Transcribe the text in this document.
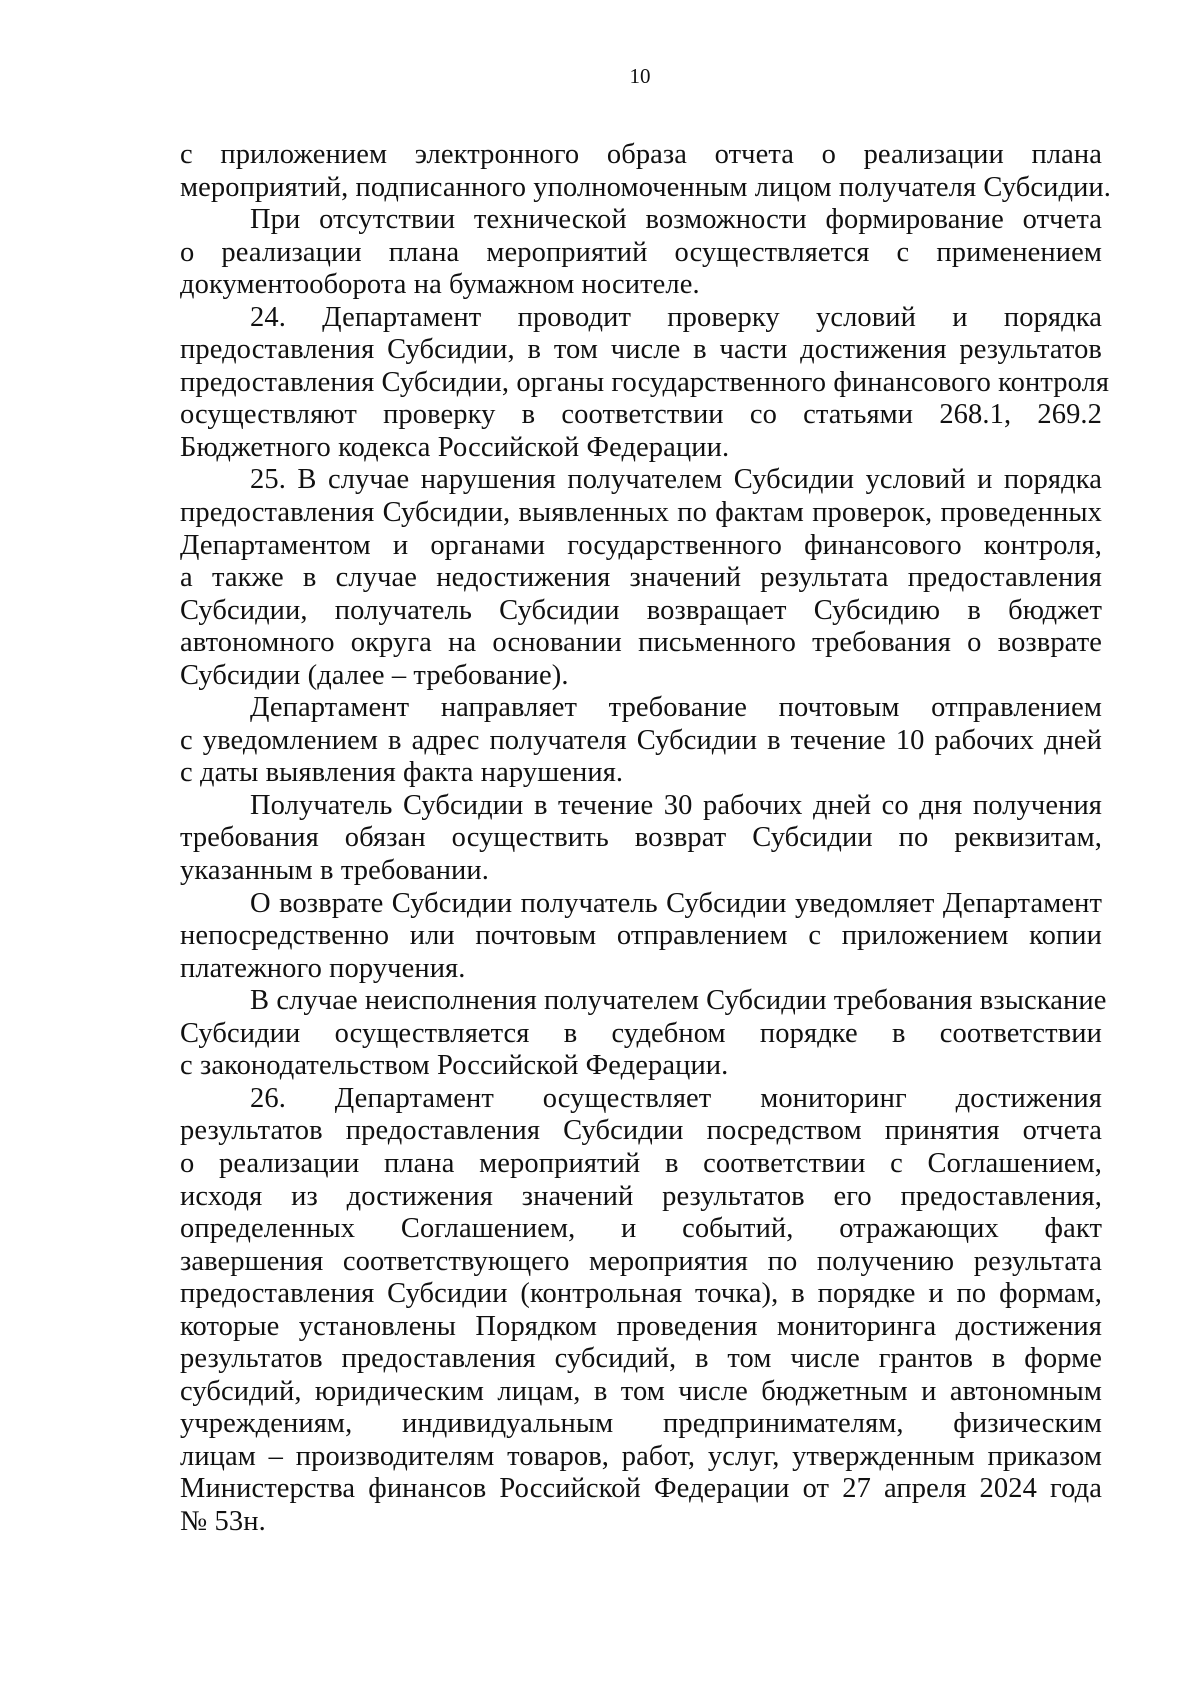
10
с приложением электронного образа отчета о реализации плана
мероприятий, подписанного уполномоченным лицом получателя Субсидии.
При отсутствии технической возможности формирование отчета
о реализации плана мероприятий осуществляется с применением
документооборота на бумажном носителе.
24. Департамент проводит проверку условий и порядка
предоставления Субсидии, в том числе в части достижения результатов
предоставления Субсидии, органы государственного финансового контроля
осуществляют проверку в соответствии со статьями 268.1, 269.2
Бюджетного кодекса Российской Федерации.
25. В случае нарушения получателем Субсидии условий и порядка
предоставления Субсидии, выявленных по фактам проверок, проведенных
Департаментом и органами государственного финансового контроля,
а также в случае недостижения значений результата предоставления
Субсидии, получатель Субсидии возвращает Субсидию в бюджет
автономного округа на основании письменного требования о возврате
Субсидии (далее – требование).
Департамент направляет требование почтовым отправлением
с уведомлением в адрес получателя Субсидии в течение 10 рабочих дней
с даты выявления факта нарушения.
Получатель Субсидии в течение 30 рабочих дней со дня получения
требования обязан осуществить возврат Субсидии по реквизитам,
указанным в требовании.
О возврате Субсидии получатель Субсидии уведомляет Департамент
непосредственно или почтовым отправлением с приложением копии
платежного поручения.
В случае неисполнения получателем Субсидии требования взыскание
Субсидии осуществляется в судебном порядке в соответствии
с законодательством Российской Федерации.
26. Департамент осуществляет мониторинг достижения
результатов предоставления Субсидии посредством принятия отчета
о реализации плана мероприятий в соответствии с Соглашением,
исходя из достижения значений результатов его предоставления,
определенных Соглашением, и событий, отражающих факт
завершения соответствующего мероприятия по получению результата
предоставления Субсидии (контрольная точка), в порядке и по формам,
которые установлены Порядком проведения мониторинга достижения
результатов предоставления субсидий, в том числе грантов в форме
субсидий, юридическим лицам, в том числе бюджетным и автономным
учреждениям, индивидуальным предпринимателям, физическим
лицам – производителям товаров, работ, услуг, утвержденным приказом
Министерства финансов Российской Федерации от 27 апреля 2024 года
№ 53н.
